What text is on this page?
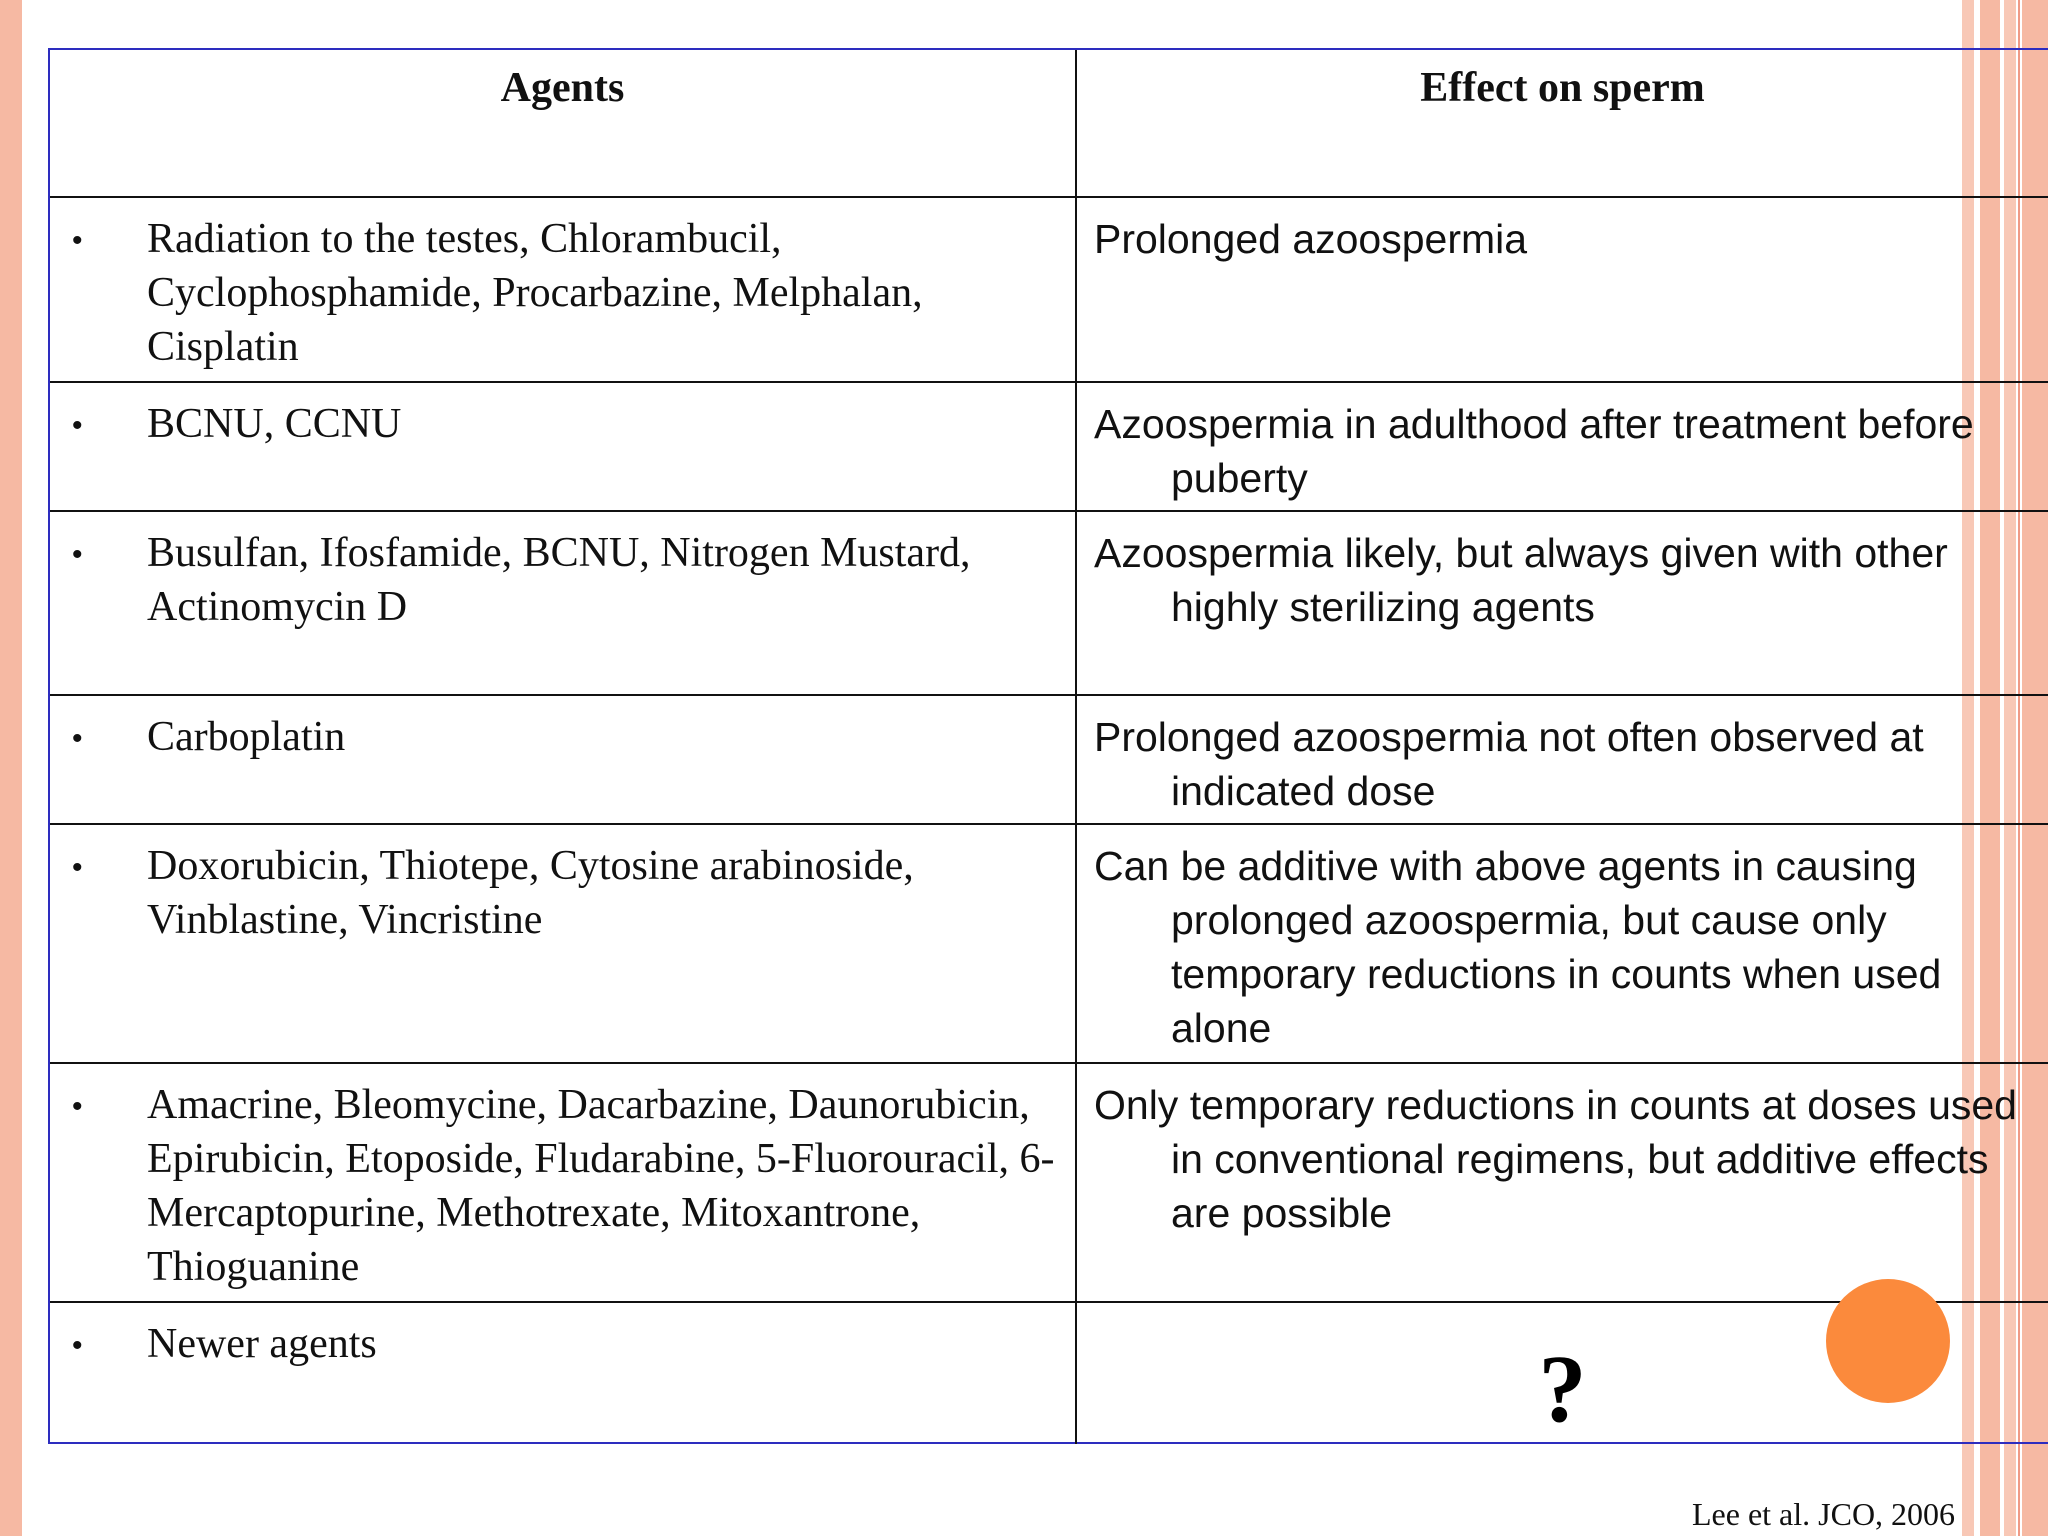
Agents	Effect on sperm

• Radiation to the testes, Chlorambucil, Cyclophosphamide, Procarbazine, Melphalan, Cisplatin	Prolonged azoospermia

• BCNU, CCNU	Azoospermia in adulthood after treatment before puberty

• Busulfan, Ifosfamide, BCNU, Nitrogen Mustard, Actinomycin D	Azoospermia likely, but always given with other highly sterilizing agents

• Carboplatin	Prolonged azoospermia not often observed at indicated dose

• Doxorubicin, Thiotepe, Cytosine arabinoside, Vinblastine, Vincristine	Can be additive with above agents in causing prolonged azoospermia, but cause only temporary reductions in counts when used alone

• Amacrine, Bleomycine, Dacarbazine, Daunorubicin, Epirubicin, Etoposide, Fludarabine, 5-Fluorouracil, 6-Mercaptopurine, Methotrexate, Mitoxantrone, Thioguanine	Only temporary reductions in counts at doses used in conventional regimens, but additive effects are possible

• Newer agents	?
Lee et al. JCO, 2006
